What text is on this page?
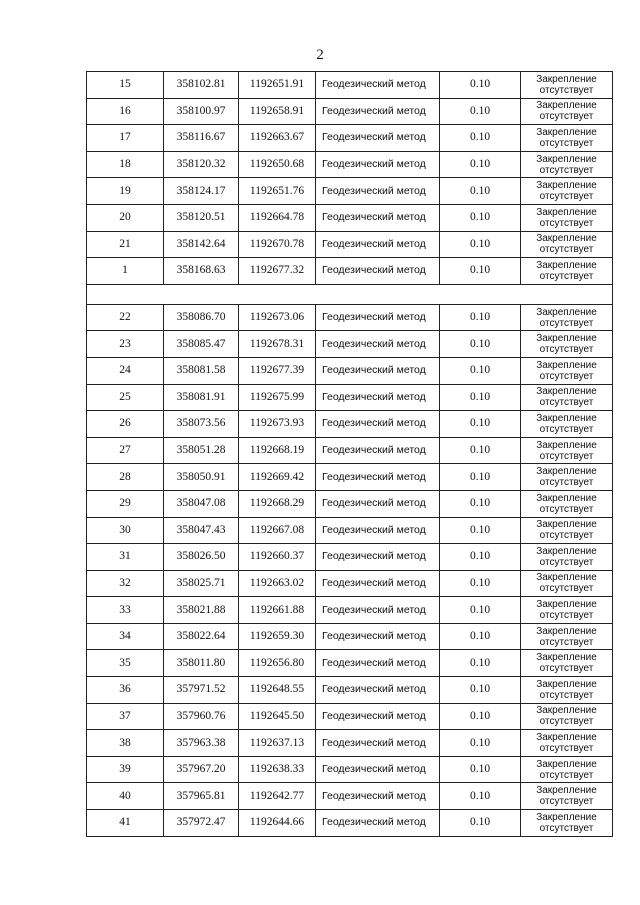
2
15	358102.81	1192651.91	Геодезический метод	0.10	Закрепление
отсутствует

16	358100.97	1192658.91	Геодезический метод	0.10	Закрепление
отсутствует

17	358116.67	1192663.67	Геодезический метод	0.10	Закрепление
отсутствует

18	358120.32	1192650.68	Геодезический метод	0.10	Закрепление
отсутствует

19	358124.17	1192651.76	Геодезический метод	0.10	Закрепление
отсутствует

20	358120.51	1192664.78	Геодезический метод	0.10	Закрепление
отсутствует

21	358142.64	1192670.78	Геодезический метод	0.10	Закрепление
отсутствует

1	358168.63	1192677.32	Геодезический метод	0.10	Закрепление
отсутствует

22	358086.70	1192673.06	Геодезический метод	0.10	Закрепление
отсутствует

23	358085.47	1192678.31	Геодезический метод	0.10	Закрепление
отсутствует

24	358081.58	1192677.39	Геодезический метод	0.10	Закрепление
отсутствует

25	358081.91	1192675.99	Геодезический метод	0.10	Закрепление
отсутствует

26	358073.56	1192673.93	Геодезический метод	0.10	Закрепление
отсутствует

27	358051.28	1192668.19	Геодезический метод	0.10	Закрепление
отсутствует

28	358050.91	1192669.42	Геодезический метод	0.10	Закрепление
отсутствует

29	358047.08	1192668.29	Геодезический метод	0.10	Закрепление
отсутствует

30	358047.43	1192667.08	Геодезический метод	0.10	Закрепление
отсутствует

31	358026.50	1192660.37	Геодезический метод	0.10	Закрепление
отсутствует

32	358025.71	1192663.02	Геодезический метод	0.10	Закрепление
отсутствует

33	358021.88	1192661.88	Геодезический метод	0.10	Закрепление
отсутствует

34	358022.64	1192659.30	Геодезический метод	0.10	Закрепление
отсутствует

35	358011.80	1192656.80	Геодезический метод	0.10	Закрепление
отсутствует

36	357971.52	1192648.55	Геодезический метод	0.10	Закрепление
отсутствует

37	357960.76	1192645.50	Геодезический метод	0.10	Закрепление
отсутствует

38	357963.38	1192637.13	Геодезический метод	0.10	Закрепление
отсутствует

39	357967.20	1192638.33	Геодезический метод	0.10	Закрепление
отсутствует

40	357965.81	1192642.77	Геодезический метод	0.10	Закрепление
отсутствует

41	357972.47	1192644.66	Геодезический метод	0.10	Закрепление
отсутствует
